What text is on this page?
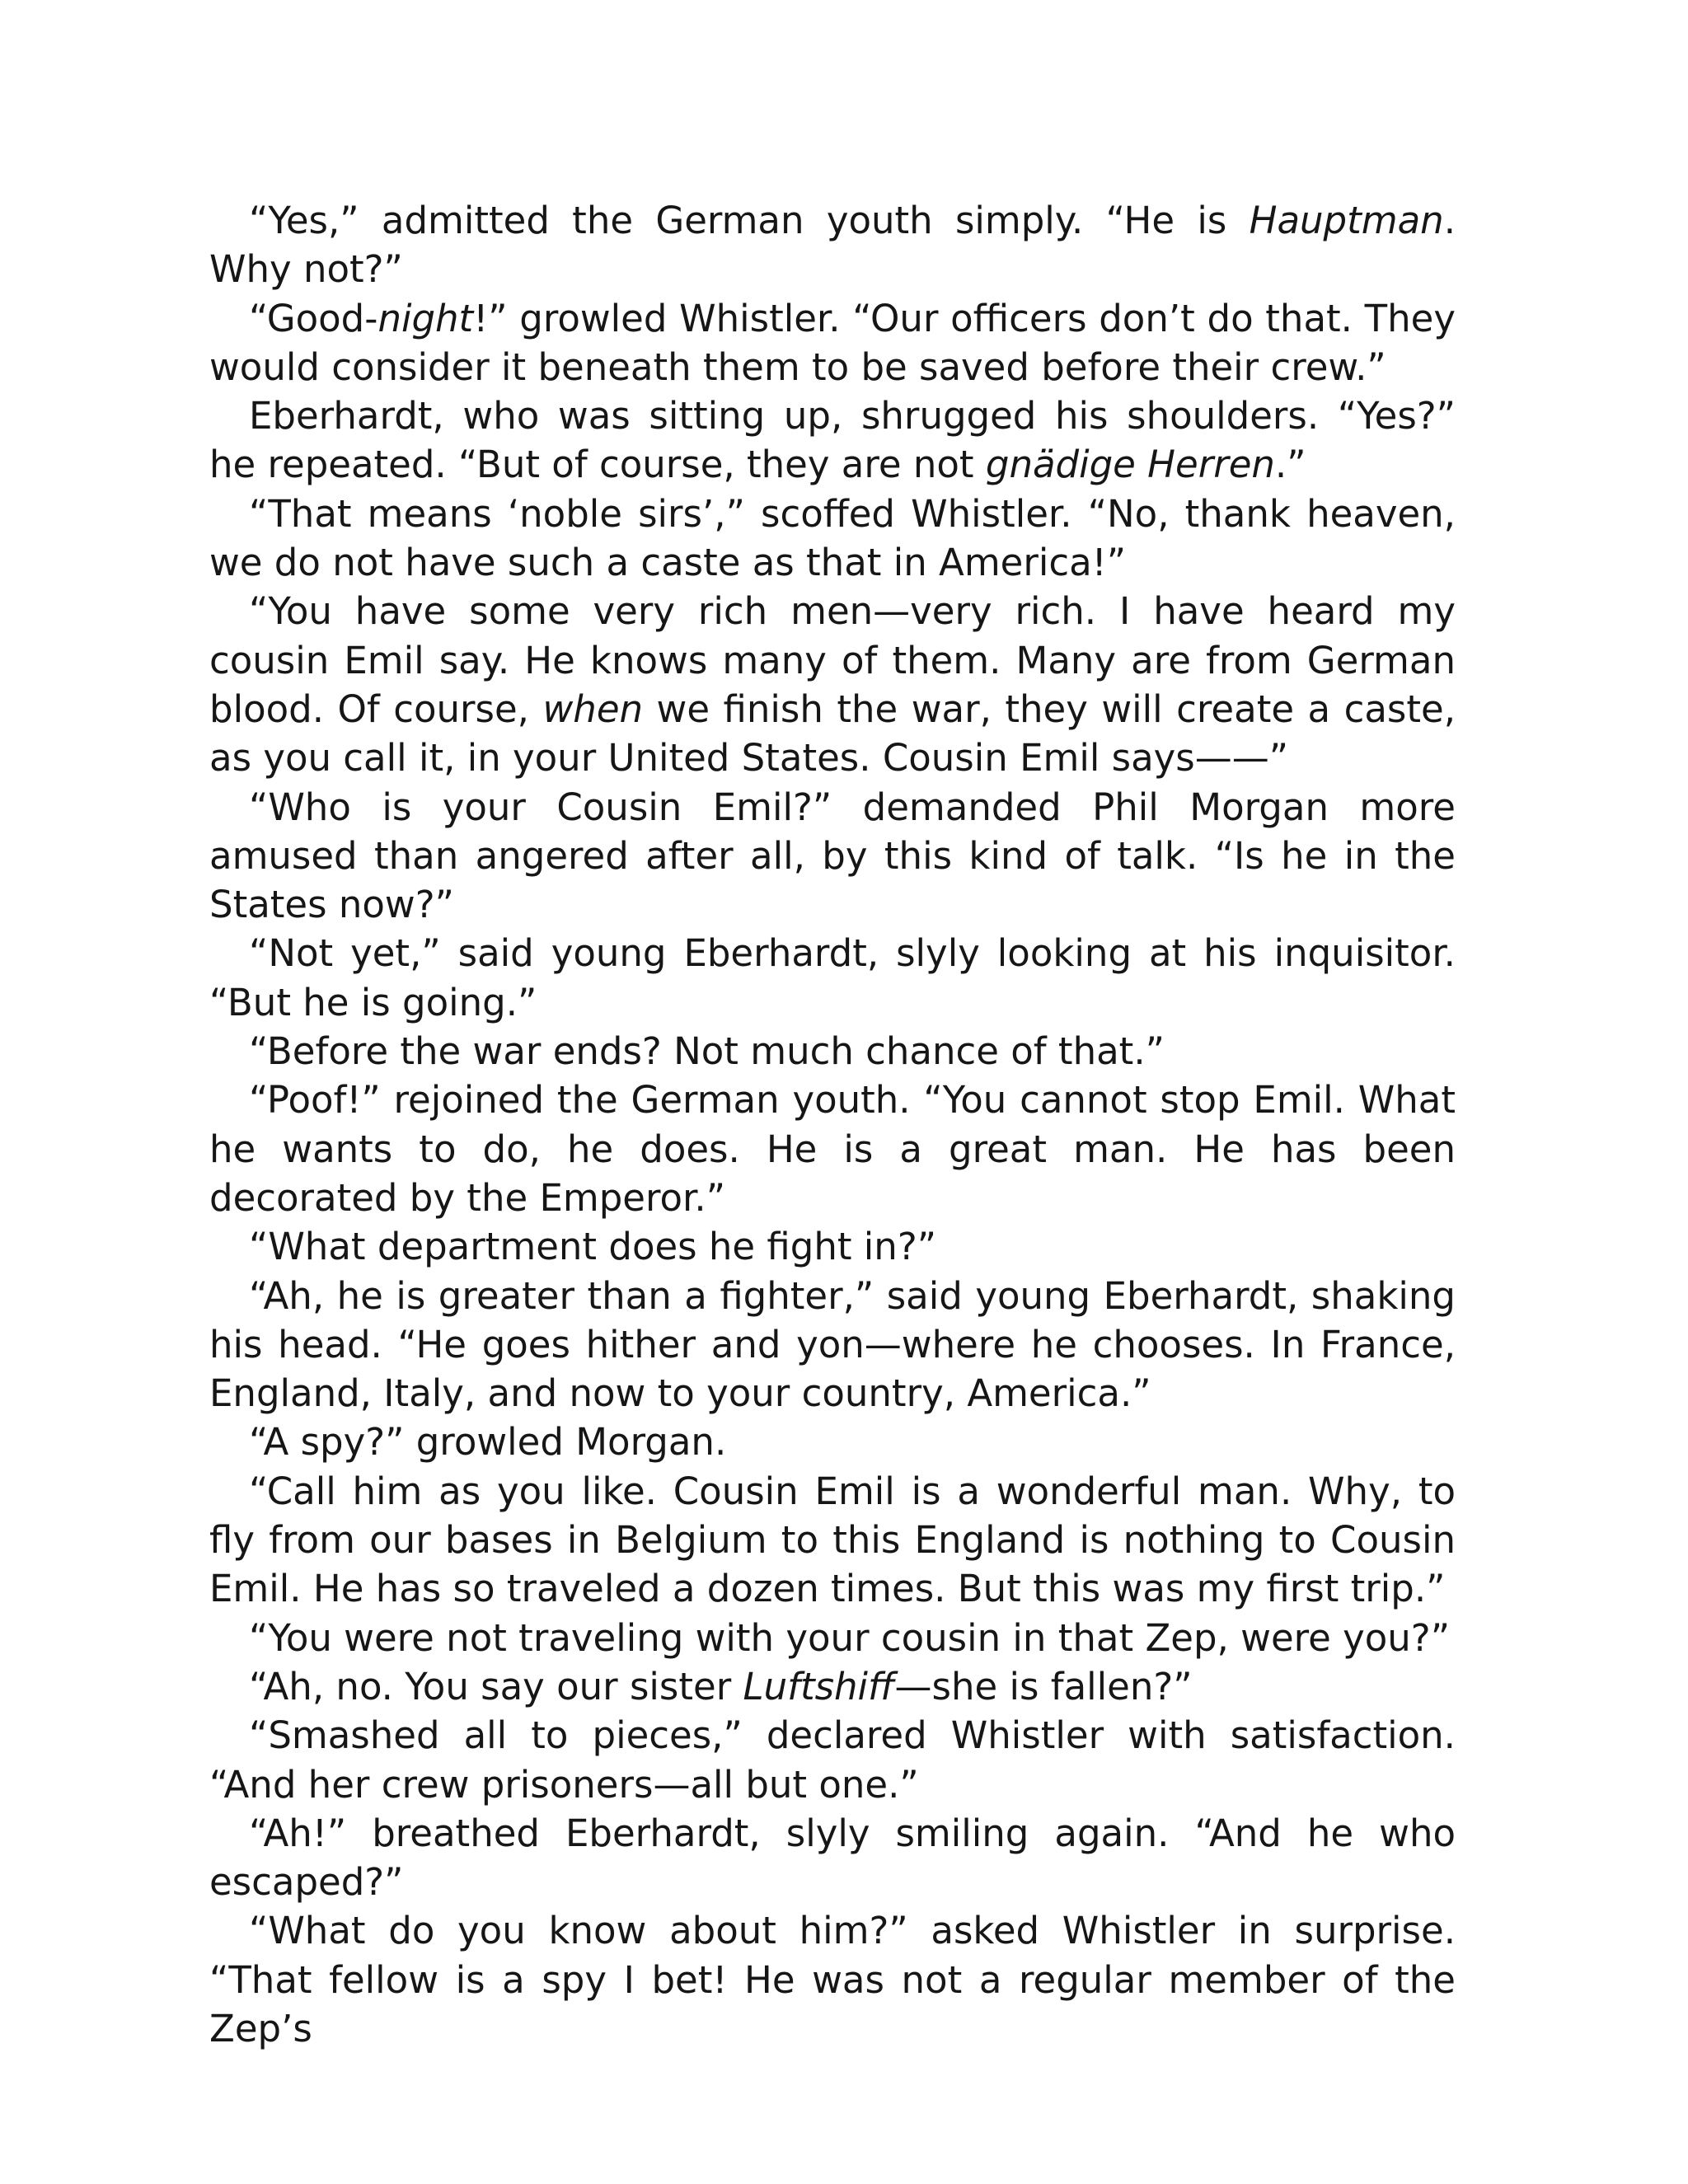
“Yes,” admitted the German youth simply. “He is Hauptman. Why not?”

“Good-night!” growled Whistler. “Our officers don’t do that. They would consider it beneath them to be saved before their crew.”

Eberhardt, who was sitting up, shrugged his shoulders. “Yes?” he repeated. “But of course, they are not gnädige Herren.”

“That means ‘noble sirs’,” scoffed Whistler. “No, thank heaven, we do not have such a caste as that in America!”

“You have some very rich men—very rich. I have heard my cousin Emil say. He knows many of them. Many are from German blood. Of course, when we finish the war, they will create a caste, as you call it, in your United States. Cousin Emil says——”

“Who is your Cousin Emil?” demanded Phil Morgan more amused than angered after all, by this kind of talk. “Is he in the States now?”

“Not yet,” said young Eberhardt, slyly looking at his inquisitor. “But he is going.”

“Before the war ends? Not much chance of that.”

“Poof!” rejoined the German youth. “You cannot stop Emil. What he wants to do, he does. He is a great man. He has been decorated by the Emperor.”

“What department does he fight in?”

“Ah, he is greater than a fighter,” said young Eberhardt, shaking his head. “He goes hither and yon—where he chooses. In France, England, Italy, and now to your country, America.”

“A spy?” growled Morgan.

“Call him as you like. Cousin Emil is a wonderful man. Why, to fly from our bases in Belgium to this England is nothing to Cousin Emil. He has so traveled a dozen times. But this was my first trip.”

“You were not traveling with your cousin in that Zep, were you?”

“Ah, no. You say our sister Luftshiff—she is fallen?”

“Smashed all to pieces,” declared Whistler with satisfaction. “And her crew prisoners—all but one.”

“Ah!” breathed Eberhardt, slyly smiling again. “And he who escaped?”

“What do you know about him?” asked Whistler in surprise. “That fellow is a spy I bet! He was not a regular member of the Zep’s
